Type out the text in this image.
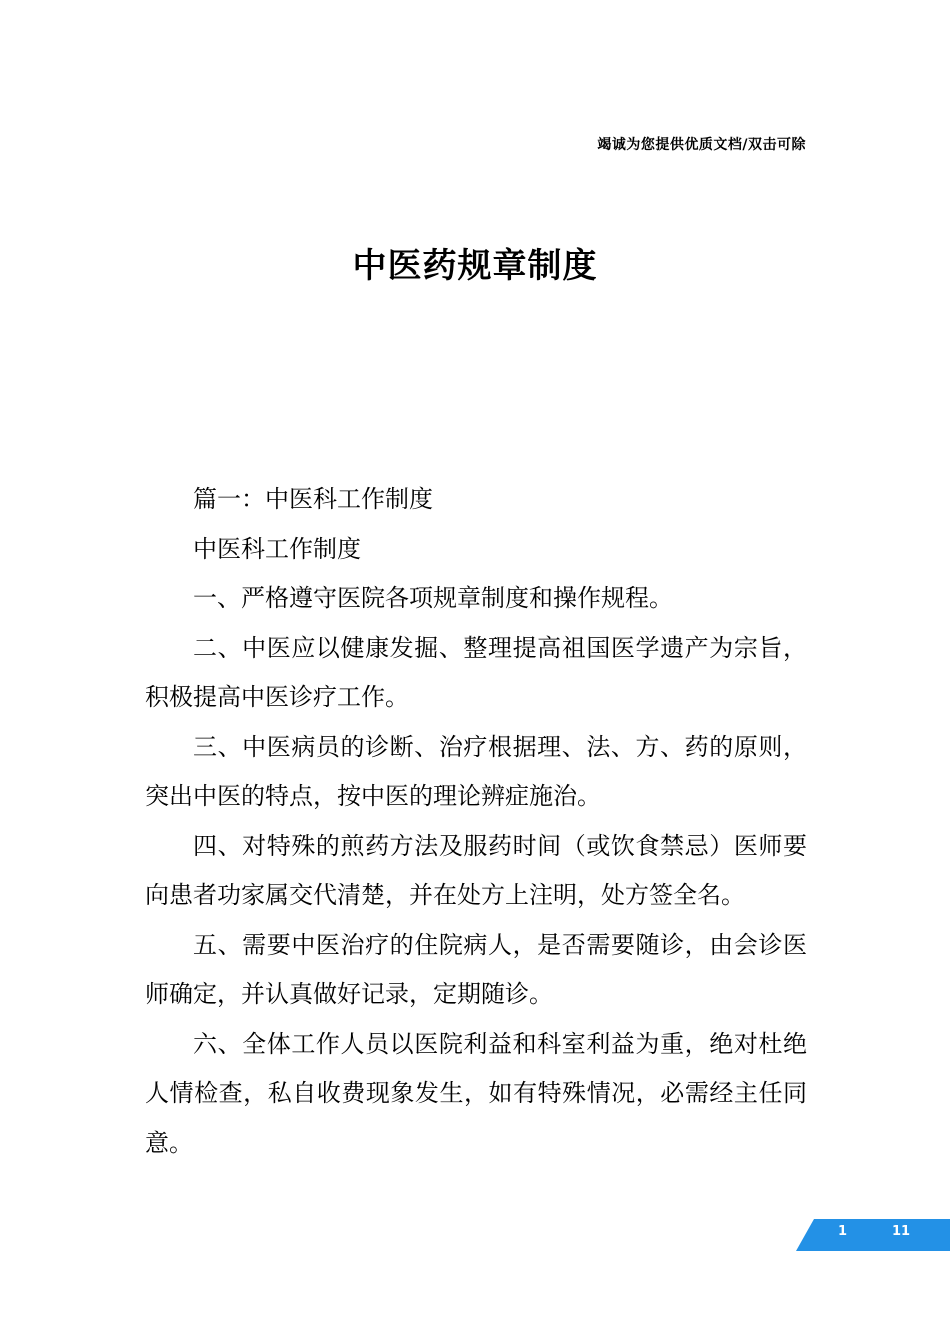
竭诚为您提供优质文档/双击可除
中医药规章制度

篇一：中医科工作制度

中医科工作制度

一、严格遵守医院各项规章制度和操作规程。

二、中医应以健康发掘、整理提高祖国医学遗产为宗旨，积极提高中医诊疗工作。

三、中医病员的诊断、治疗根据理、法、方、药的原则，突出中医的特点，按中医的理论辨症施治。

四、对特殊的煎药方法及服药时间（或饮食禁忌）医师要向患者功家属交代清楚，并在处方上注明，处方签全名。

五、需要中医治疗的住院病人，是否需要随诊，由会诊医师确定，并认真做好记录，定期随诊。

六、全体工作人员以医院利益和科室利益为重，绝对杜绝人情检查，私自收费现象发生，如有特殊情况，必需经主任同意。

1	11
